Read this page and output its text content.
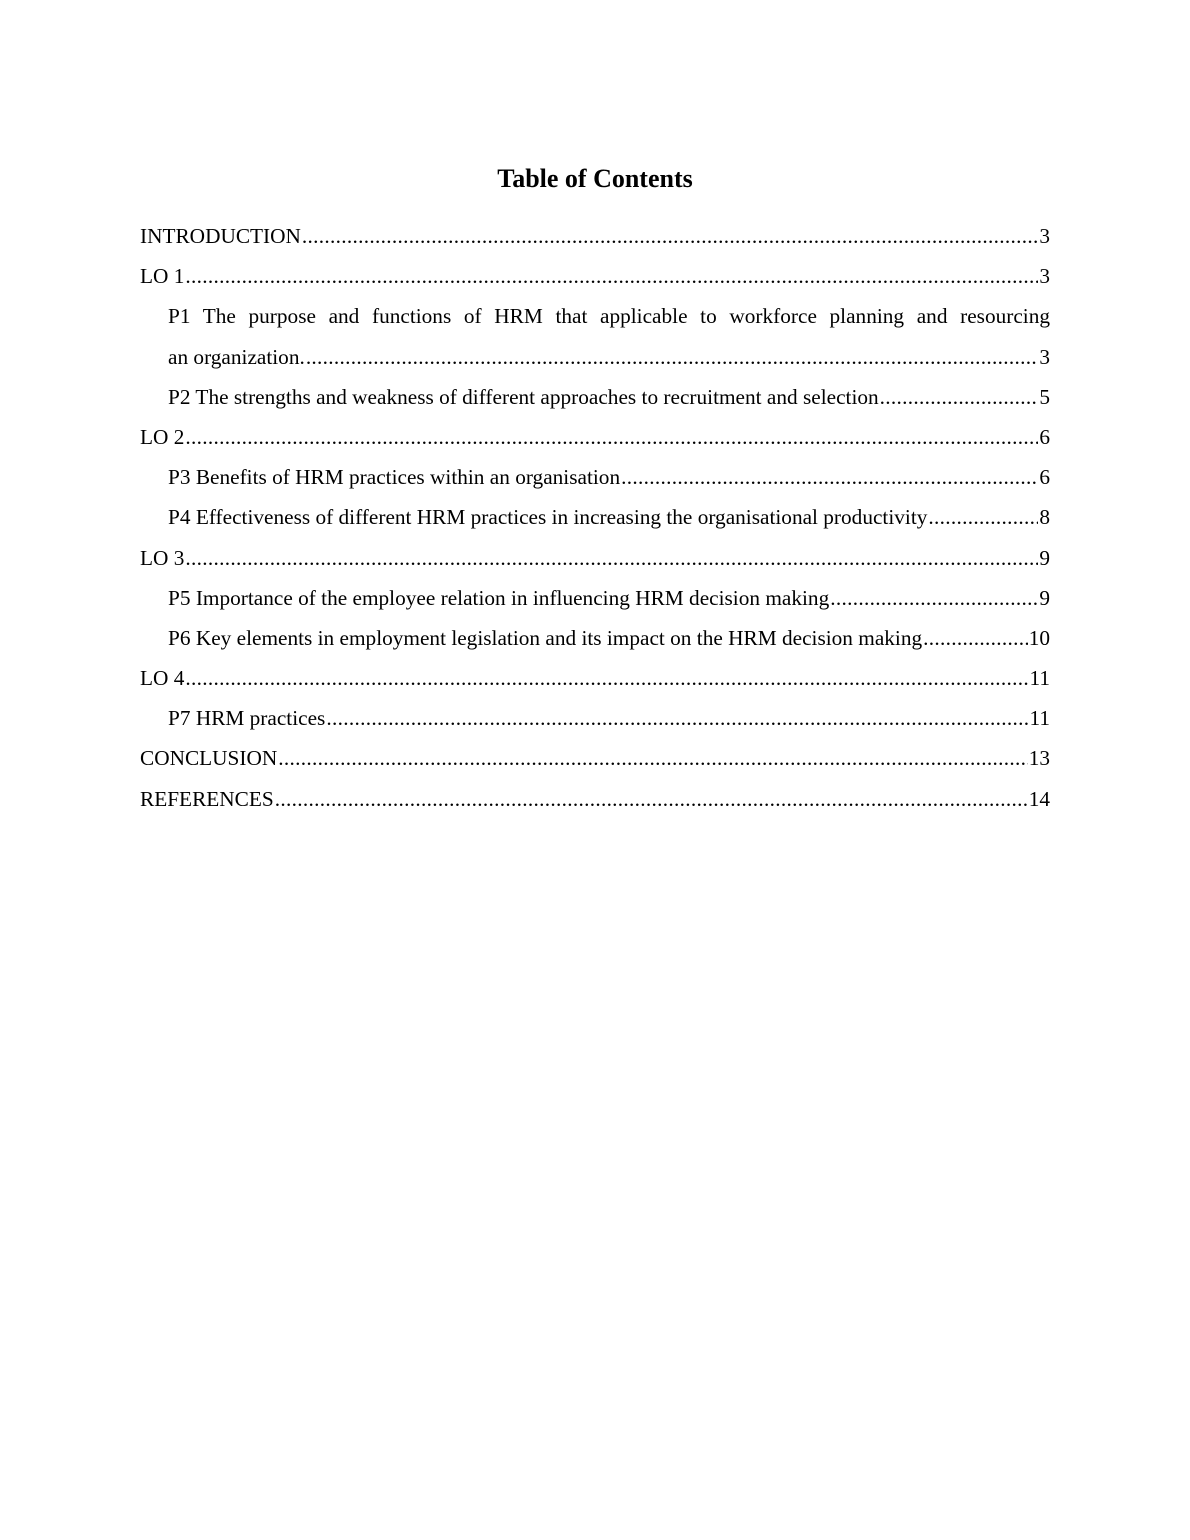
Table of Contents
INTRODUCTION .....	3
LO 1 .....	3
P1 The purpose and functions of HRM that applicable to workforce planning and resourcing
an organization. .....	3
P2 The strengths and weakness of different approaches to recruitment and selection .....	5
LO 2 .....	6
P3 Benefits of HRM practices within an organisation .....	6
P4 Effectiveness of different HRM practices in increasing the organisational productivity .....	8
LO 3 .....	9
P5 Importance of the employee relation in influencing HRM decision making .....	9
P6 Key elements in employment legislation and its impact on the HRM decision making .....	10
LO 4 .....	11
P7 HRM practices .....	11
CONCLUSION .....	13
REFERENCES .....	14
